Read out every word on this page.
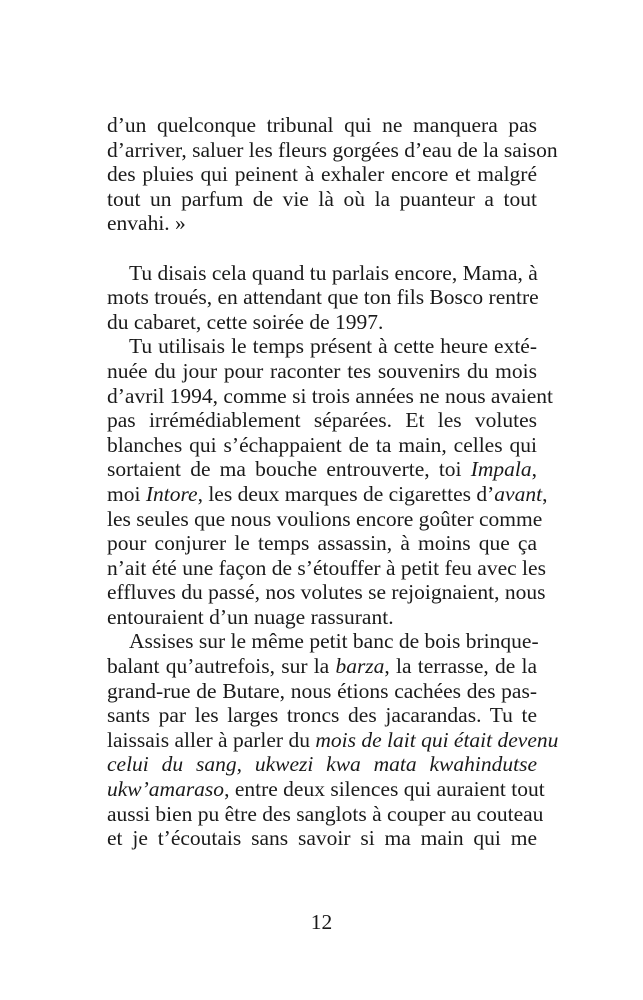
d’un quelconque tribunal qui ne manquera pas
d’arriver, saluer les fleurs gorgées d’eau de la saison
des pluies qui peinent à exhaler encore et malgré
tout un parfum de vie là où la puanteur a tout
envahi. »
Tu disais cela quand tu parlais encore, Mama, à
mots troués, en attendant que ton fils Bosco rentre
du cabaret, cette soirée de 1997.
Tu utilisais le temps présent à cette heure exté-
nuée du jour pour raconter tes souvenirs du mois
d’avril 1994, comme si trois années ne nous avaient
pas irrémédiablement séparées. Et les volutes
blanches qui s’échappaient de ta main, celles qui
sortaient de ma bouche entrouverte, toi Impala,
moi Intore, les deux marques de cigarettes d’avant,
les seules que nous voulions encore goûter comme
pour conjurer le temps assassin, à moins que ça
n’ait été une façon de s’étouffer à petit feu avec les
effluves du passé, nos volutes se rejoignaient, nous
entouraient d’un nuage rassurant.
Assises sur le même petit banc de bois brinque-
balant qu’autrefois, sur la barza, la terrasse, de la
grand-rue de Butare, nous étions cachées des pas-
sants par les larges troncs des jacarandas. Tu te
laissais aller à parler du mois de lait qui était devenu
celui du sang, ukwezi kwa mata kwahindutse
ukw’amaraso, entre deux silences qui auraient tout
aussi bien pu être des sanglots à couper au couteau
et je t’écoutais sans savoir si ma main qui me
12
